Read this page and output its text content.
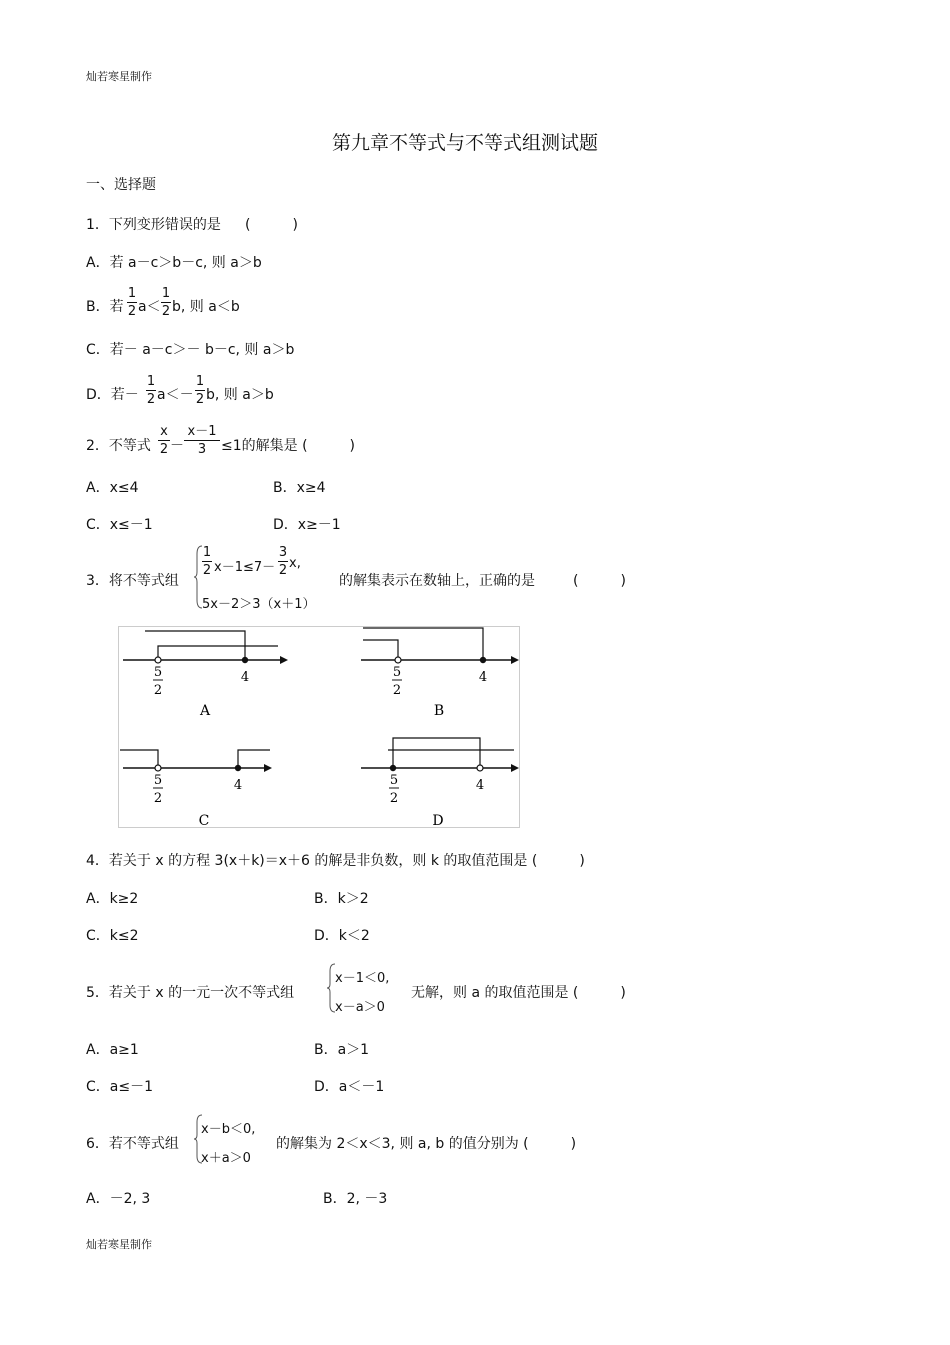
灿若寒星制作
第九章不等式与不等式组测试题
一、选择题
1．下列变形错误的是 (　　　)
A．若 a－c＞b－c, 则 a＞b
B．若
1
2 a＜
1
2 b, 则 a＜b
C．若－ a－c＞－ b－c, 则 a＞b
D．若－
1
2 a＜－
1
2 b, 则 a＞b
2．不等式
x
2 －
x－1
3	≤1的解集是 (　　　)
A．x≤4	B．x≥4
C．x≤－1	D．x≥－1
3．将不等式组
1
2 x－1≤7－
3
2 x,
5x－2＞3（x＋1）
的解集表示在数轴上，正确的是	(　　　)
5
2
4
A
5
2
4
B
5
2
4
C
5
2
4
D
4．若关于 x 的方程 3(x＋k)＝x＋6 的解是非负数，则 k 的取值范围是 (　　　)
A．k≥2	B．k＞2
C．k≤2	D．k＜2
5．若关于 x 的一元一次不等式组
x－1＜0,
x－a＞0
无解，则 a 的取值范围是 (　　　)
A．a≥1	B．a＞1
C．a≤－1	D．a＜－1
6．若不等式组
x－b＜0,
x＋a＞0
的解集为 2＜x＜3, 则 a, b 的值分别为 (　　　)
A．－2, 3	B．2, －3
灿若寒星制作
